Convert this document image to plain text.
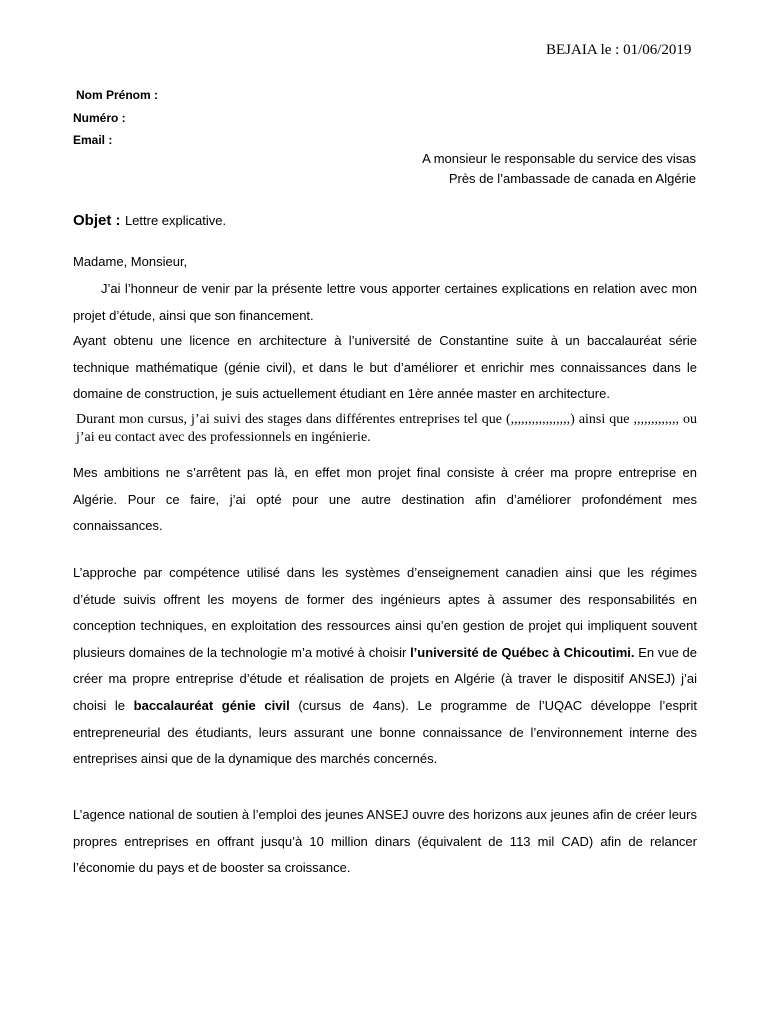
BEJAIA le : 01/06/2019
Nom Prénom :
Numéro :
Email :
A monsieur le responsable du service des visas
Près de l’ambassade de canada en Algérie
Objet : Lettre explicative.
Madame, Monsieur,
J’ai l’honneur de venir par la présente lettre vous apporter certaines explications en relation avec mon projet d’étude, ainsi que son financement.
Ayant obtenu une licence en architecture à l’université de Constantine suite à un baccalauréat série technique mathématique (génie civil), et dans le but d’améliorer et enrichir mes connaissances dans le domaine de construction, je suis actuellement étudiant en 1ère année master en architecture.
Durant mon cursus, j’ai suivi des stages dans différentes entreprises tel que (,,,,,,,,,,,,,,,,,) ainsi que ,,,,,,,,,,,,, ou j’ai eu contact avec des professionnels en ingénierie.
Mes ambitions ne s’arrêtent pas là, en effet mon projet final consiste à créer ma propre entreprise en Algérie. Pour ce faire, j’ai opté pour une autre destination afin d’améliorer profondément mes connaissances.
L’approche par compétence utilisé dans les systèmes d’enseignement canadien ainsi que les régimes d’étude suivis offrent les moyens de former des ingénieurs aptes à assumer des responsabilités en conception techniques, en exploitation des ressources ainsi qu’en gestion de projet qui impliquent souvent plusieurs domaines de la technologie m’a motivé à choisir l’université de Québec à Chicoutimi. En vue de créer ma propre entreprise d’étude et réalisation de projets en Algérie (à traver le dispositif ANSEJ) j’ai choisi le baccalauréat génie civil (cursus de 4ans). Le programme de l’UQAC développe l’esprit entrepreneurial des étudiants, leurs assurant une bonne connaissance de l’environnement interne des entreprises ainsi que de la dynamique des marchés concernés.
L’agence national de soutien à l’emploi des jeunes ANSEJ ouvre des horizons aux jeunes afin de créer leurs propres entreprises en offrant jusqu’à 10 million dinars (équivalent de 113 mil CAD) afin de relancer l’économie du pays et de booster sa croissance.
